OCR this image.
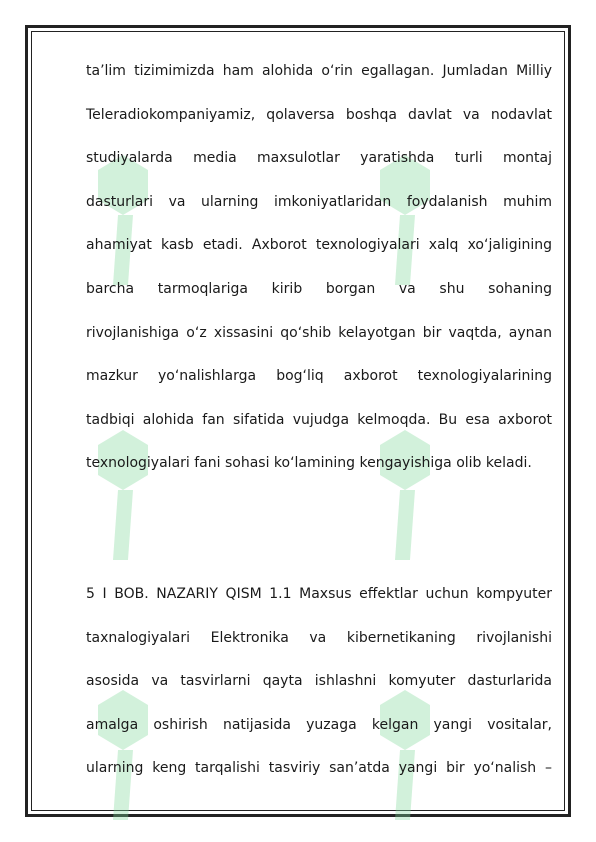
ta’lim tizimimizda ham alohida o‘rin egallagan. Jumladan Milliy
Teleradiokompaniyamiz, qolaversa boshqa davlat va nodavlat
studiyalarda media maxsulotlar yaratishda turli montaj
dasturlari va ularning imkoniyatlaridan foydalanish muhim
ahamiyat kasb etadi. Axborot texnologiyalari xalq xo‘jaligining
barcha tarmoqlariga kirib borgan va shu sohaning
rivojlanishiga o‘z xissasini qo‘shib kelayotgan bir vaqtda, aynan
mazkur yo‘nalishlarga bog‘liq axborot texnologiyalarining
tadbiqi alohida fan sifatida vujudga kelmoqda. Bu esa axborot
texnologiyalari fani sohasi ko‘lamining kengayishiga olib keladi.
5 I BOB. NAZARIY QISM 1.1 Maxsus effektlar uchun kompyuter
taxnalogiyalari Elektronika va kibernetikaning rivojlanishi
asosida va tasvirlarni qayta ishlashni komyuter dasturlarida
amalga oshirish natijasida yuzaga kelgan yangi vositalar,
ularning keng tarqalishi tasviriy san’atda yangi bir yo‘nalish –
